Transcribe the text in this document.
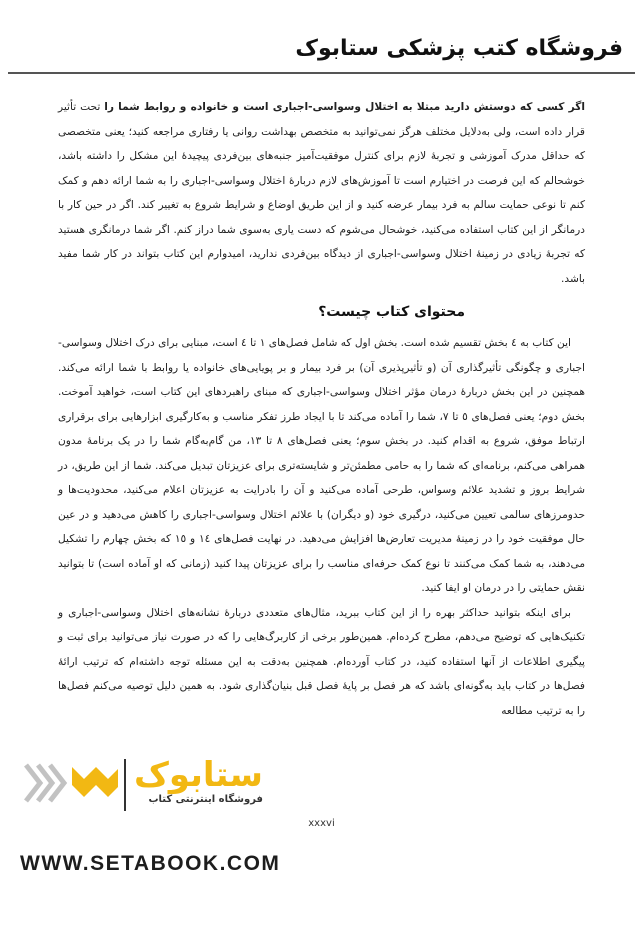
فروشگاه کتب پزشکی ستابوک

اگر کسی که دوستش دارید مبتلا به اختلال وسواسی-اجباری است و خانواده و روابط شما را تحت تأثیر قرار داده است، ولی به‌دلایل مختلف هرگز نمی‌توانید به متخصص بهداشت روانی یا رفتاری مراجعه کنید؛ یعنی متخصصی که حداقل مدرک آموزشی و تجربهٔ لازم برای کنترل موفقیت‌آمیز جنبه‌های بین‌فردی پیچیدهٔ این مشکل را داشته باشد، خوشحالم که این فرصت در اختیارم است تا آموزش‌های لازم دربارهٔ اختلال وسواسی-اجباری را به شما ارائه دهم و کمک کنم تا نوعی حمایت سالم به فرد بیمار عرضه کنید و از این طریق اوضاع و شرایط شروع به تغییر کند. اگر در حین کار با درمانگر از این کتاب استفاده می‌کنید، خوشحال می‌شوم که دست یاری به‌سوی شما دراز کنم. اگر شما درمانگری هستید که تجربهٔ زیادی در زمینهٔ اختلال وسواسی-اجباری از دیدگاه بین‌فردی ندارید، امیدوارم این کتاب بتواند در کار شما مفید باشد.

محتوای کتاب چیست؟

این کتاب به ٤ بخش تقسیم شده است. بخش اول که شامل فصل‌های ١ تا ٤ است، مبنایی برای درک اختلال وسواسی-اجباری و چگونگی تأثیرگذاری آن (و تأثیرپذیری آن) بر فرد بیمار و بر پویایی‌های خانواده یا روابط با شما ارائه می‌کند. همچنین در این بخش دربارهٔ درمان مؤثر اختلال وسواسی-اجباری که مبنای راهبردهای این کتاب است، خواهید آموخت. بخش دوم؛ یعنی فصل‌های ٥ تا ٧، شما را آماده می‌کند تا با ایجاد طرز تفکر مناسب و به‌کارگیری ابزارهایی برای برقراری ارتباط موفق، شروع به اقدام کنید. در بخش سوم؛ یعنی فصل‌های ٨ تا ١٣، من گام‌به‌گام شما را در یک برنامهٔ مدون همراهی می‌کنم، برنامه‌ای که شما را به حامی مطمئن‌تر و شایسته‌تری برای عزیزتان تبدیل می‌کند. شما از این طریق، در شرایط بروز و تشدید علائم وسواس، طرحی آماده می‌کنید و آن را بادرایت به عزیزتان اعلام می‌کنید، محدودیت‌ها و حدومرزهای سالمی تعیین می‌کنید، درگیری خود (و دیگران) با علائم اختلال وسواسی-اجباری را کاهش می‌دهید و در عین حال موفقیت خود را در زمینهٔ مدیریت تعارض‌ها افزایش می‌دهید. در نهایت فصل‌های ١٤ و ١٥ که بخش چهارم را تشکیل می‌دهند، به شما کمک می‌کنند تا نوع کمک حرفه‌ای مناسب را برای عزیزتان پیدا کنید (زمانی که او آماده است) تا بتوانید نقش حمایتی را در درمان او ایفا کنید.

برای اینکه بتوانید حداکثر بهره را از این کتاب ببرید، مثال‌های متعددی دربارهٔ نشانه‌های اختلال وسواسی-اجباری و تکنیک‌هایی که توضیح می‌دهم، مطرح کرده‌ام. همین‌طور برخی از کاربرگ‌هایی را که در صورت نیاز می‌توانید برای ثبت و پیگیری اطلاعات از آنها استفاده کنید، در کتاب آورده‌ام. همچنین به‌دقت به این مسئله توجه داشته‌ام که ترتیب ارائهٔ فصل‌ها در کتاب باید به‌گونه‌ای باشد که هر فصل بر پایهٔ فصل قبل بنیان‌گذاری شود. به همین دلیل توصیه می‌کنم فصل‌ها را به ترتیب مطالعه

xxxvi
ستابوک
فروشگاه اینترنتی کتاب
WWW.SETABOOK.COM
